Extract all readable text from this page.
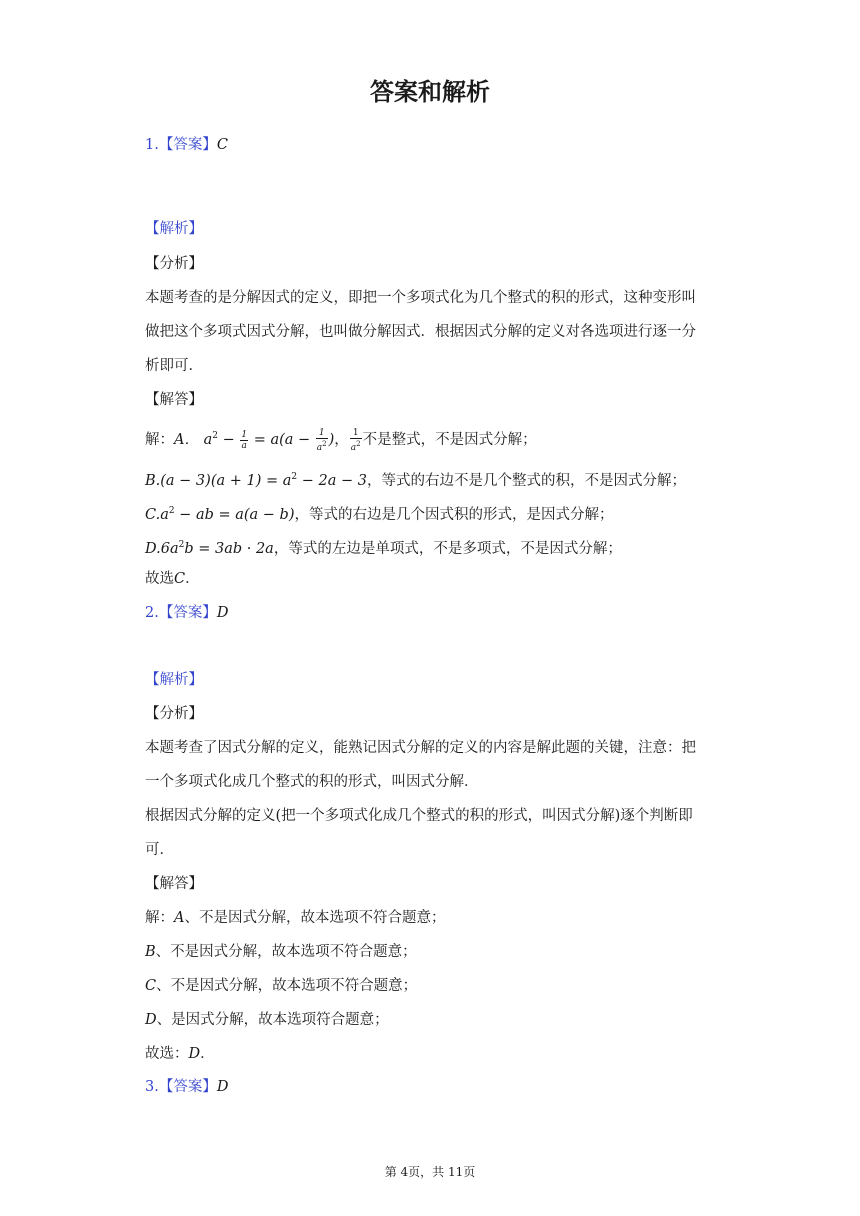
答案和解析
1.【答案】C
【解析】
【分析】
本题考查的是分解因式的定义，即把一个多项式化为几个整式的积的形式，这种变形叫
做把这个多项式因式分解，也叫做分解因式．根据因式分解的定义对各选项进行逐一分
析即可．
【解答】
解：A． $a^2 - \frac{1}{a} = a(a - \frac{1}{a^2}$ )， $\frac{1}{a^2}$ 不是整式，不是因式分解；
$B.(a - 3)(a + 1) = a^2 - 2a - 3$，等式的右边不是几个整式的积，不是因式分解；
$C.a^2$ − ab = a(a − b)，等式的右边是几个因式积的形式，是因式分解；
$D.6a^2b = 3ab \cdot 2a$，等式的左边是单项式，不是多项式，不是因式分解；
故选C．
2.【答案】D
【解析】
【分析】
本题考查了因式分解的定义，能熟记因式分解的定义的内容是解此题的关键，注意：把
一个多项式化成几个整式的积的形式，叫因式分解．
根据因式分解的定义(把一个多项式化成几个整式的积的形式，叫因式分解)逐个判断即
可．
【解答】
解：A、不是因式分解，故本选项不符合题意；
B、不是因式分解，故本选项不符合题意；
C、不是因式分解，故本选项不符合题意；
D、是因式分解，故本选项符合题意；
故选：D．
3.【答案】D
第 4页，共 11页
